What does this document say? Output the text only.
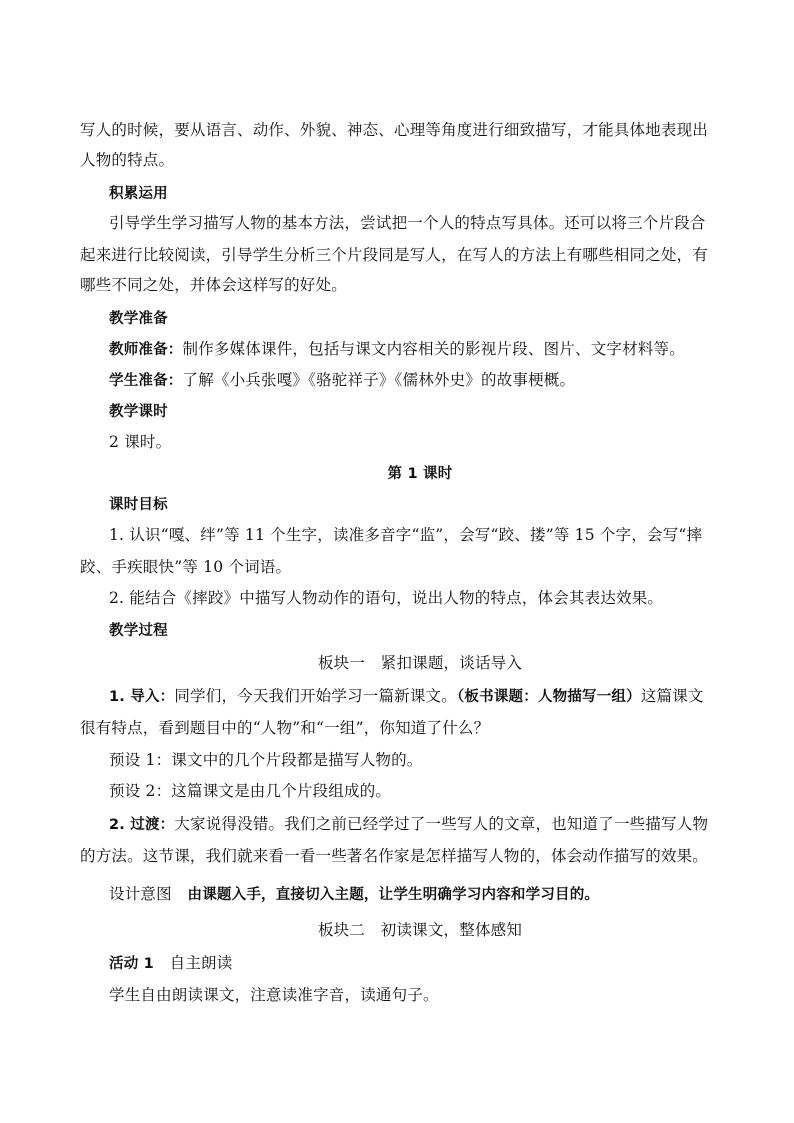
写人的时候，要从语言、动作、外貌、神态、心理等角度进行细致描写，才能具体地表现出
人物的特点。
积累运用
引导学生学习描写人物的基本方法，尝试把一个人的特点写具体。还可以将三个片段合
起来进行比较阅读，引导学生分析三个片段同是写人，在写人的方法上有哪些相同之处，有
哪些不同之处，并体会这样写的好处。
教学准备
教师准备：制作多媒体课件，包括与课文内容相关的影视片段、图片、文字材料等。
学生准备：了解《小兵张嘎》《骆驼祥子》《儒林外史》的故事梗概。
教学课时
2 课时。
第 1 课时
课时目标
1. 认识“嘎、绊”等 11 个生字，读准多音字“监”，会写“跤、搂”等 15 个字，会写“摔
跤、手疾眼快”等 10 个词语。
2. 能结合《摔跤》中描写人物动作的语句，说出人物的特点，体会其表达效果。
教学过程
板块一　紧扣课题，谈话导入
1. 导入：同学们，今天我们开始学习一篇新课文。（板书课题：人物描写一组）这篇课文
很有特点，看到题目中的“人物”和“一组”，你知道了什么？
预设 1：课文中的几个片段都是描写人物的。
预设 2：这篇课文是由几个片段组成的。
2. 过渡：大家说得没错。我们之前已经学过了一些写人的文章，也知道了一些描写人物
的方法。这节课，我们就来看一看一些著名作家是怎样描写人物的，体会动作描写的效果。
设计意图　 由课题入手，直接切入主题，让学生明确学习内容和学习目的。
板块二　初读课文，整体感知
活动 1　 自主朗读
学生自由朗读课文，注意读准字音，读通句子。
